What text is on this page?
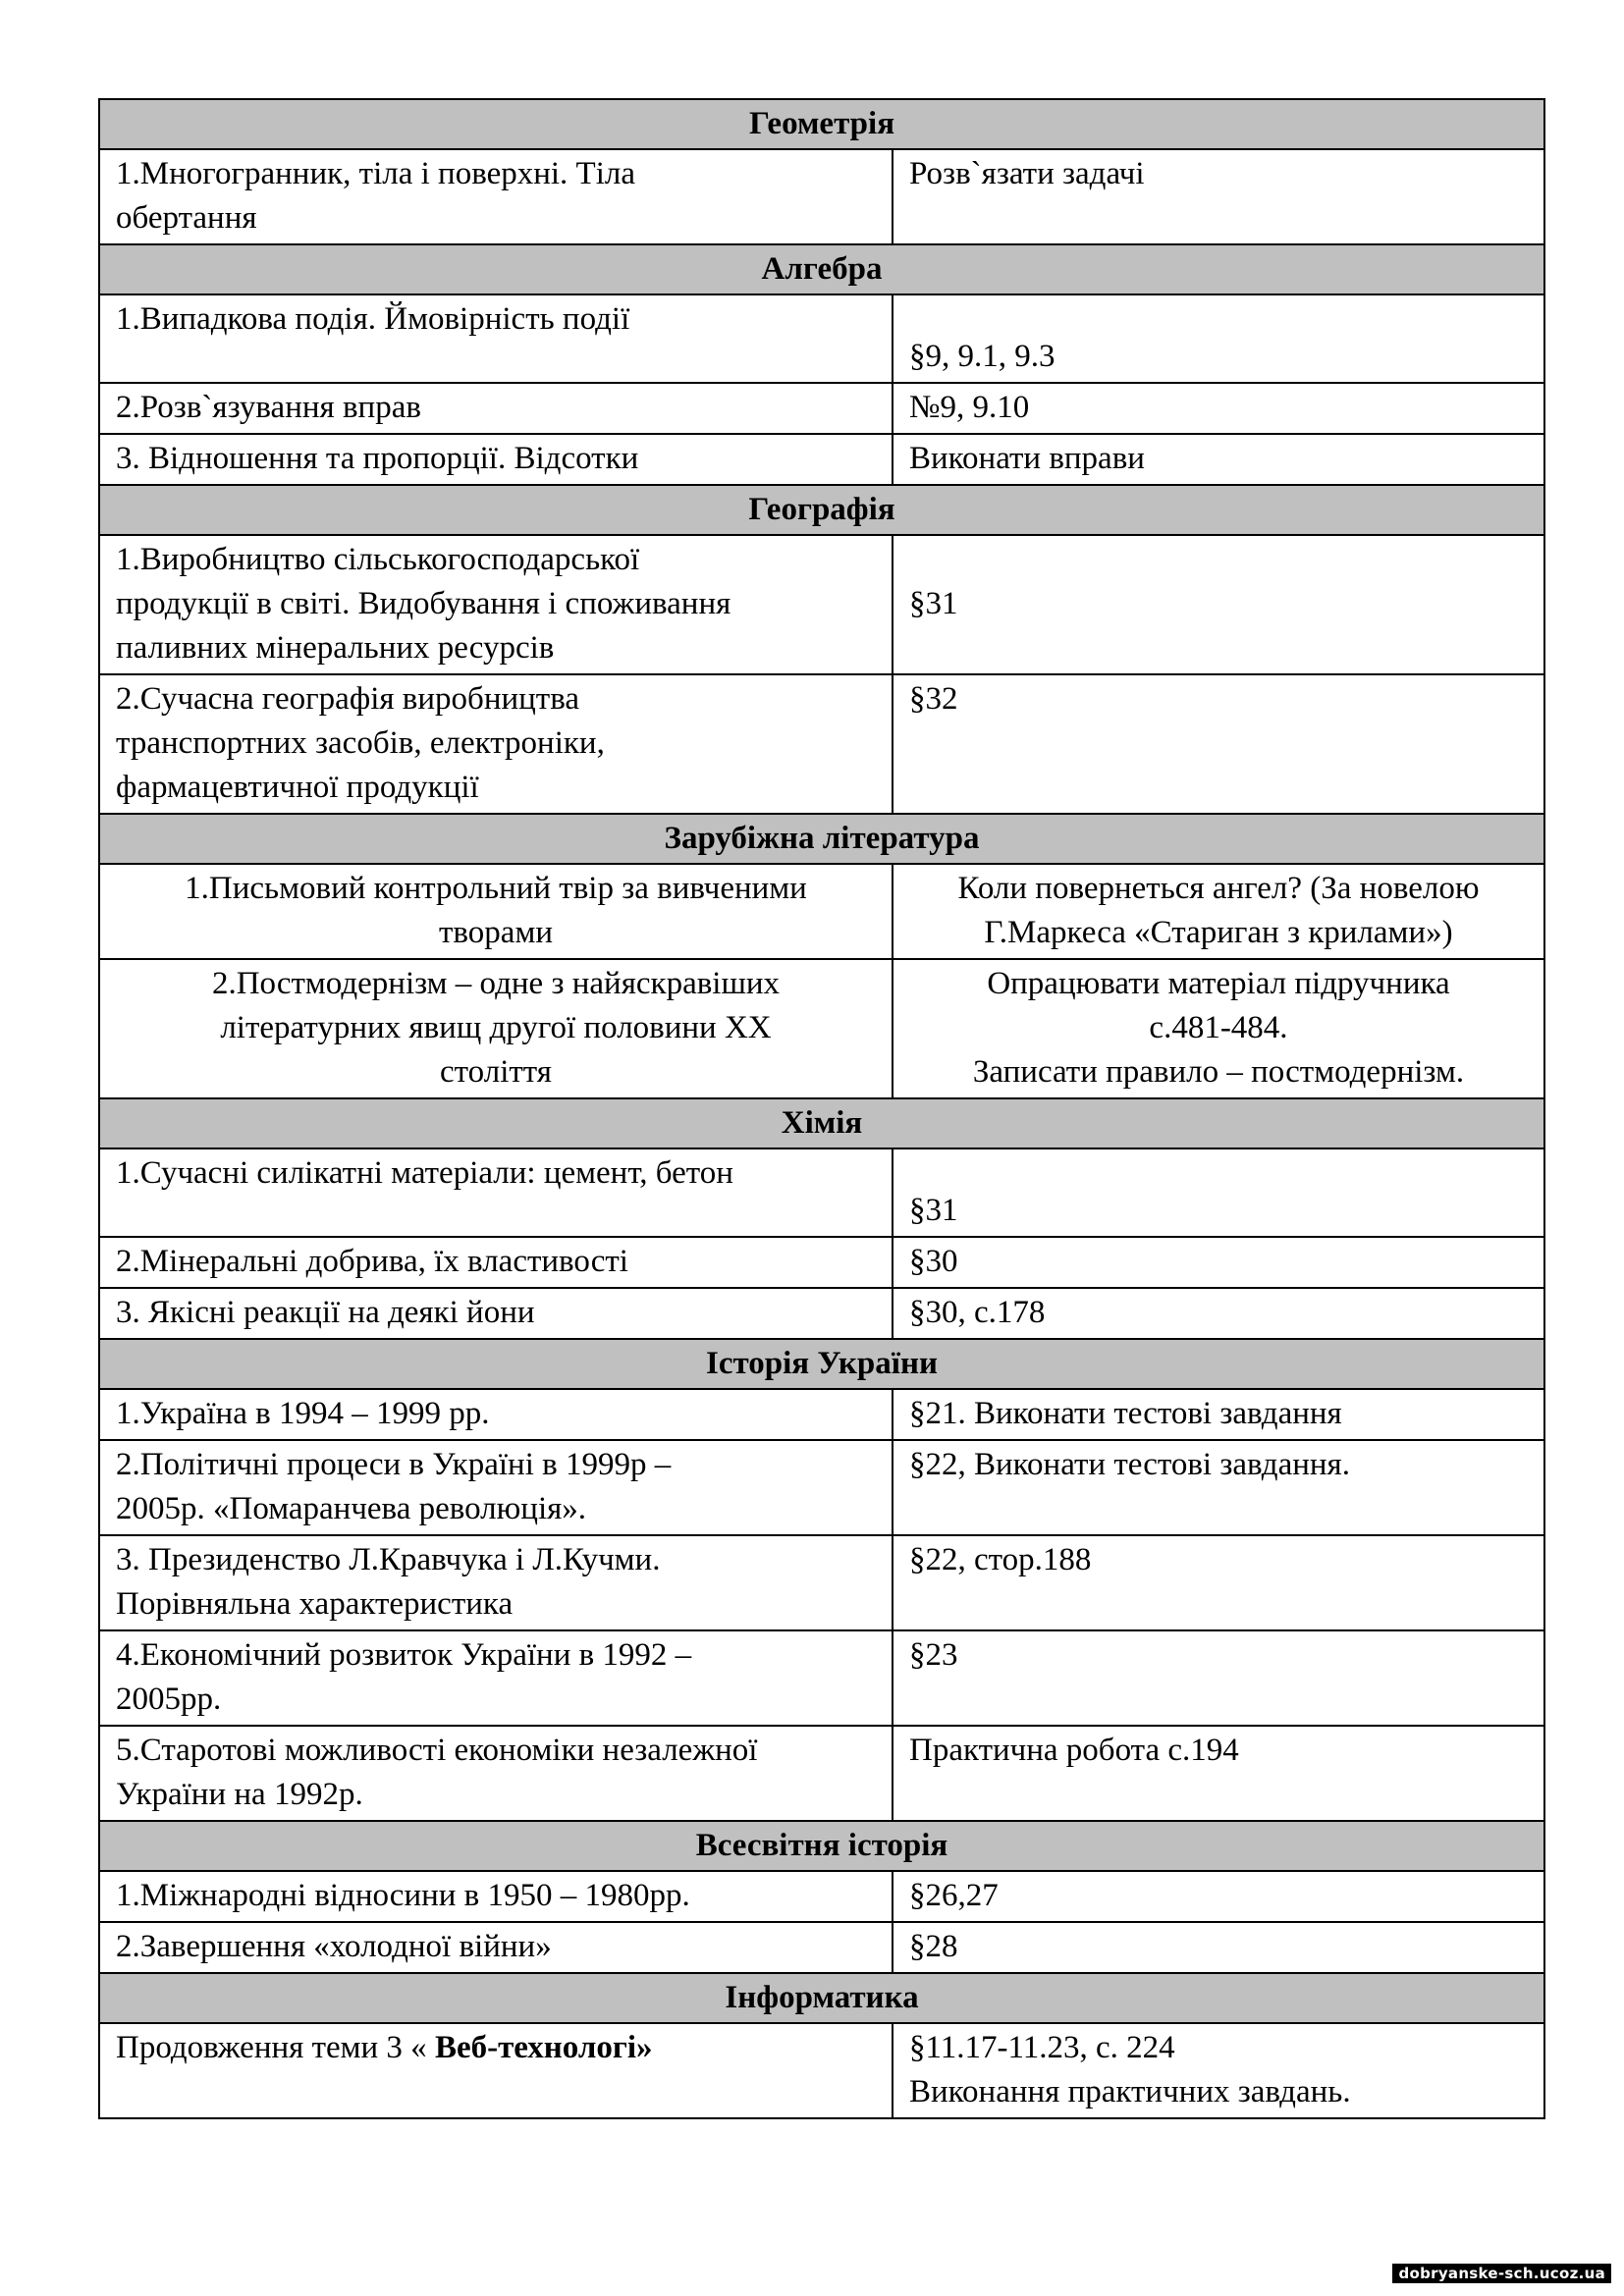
Геометрія	

1.Многогранник, тіла і поверхні. Тіла
обертання	Розв`язати задачі

Алгебра	

1.Випадкова подія. Ймовірність події	§9, 9.1, 9.3

2.Розв`язування вправ	№9, 9.10

3. Відношення та пропорції. Відсотки	Виконати вправи

Географія	

1.Виробництво сільськогосподарської
продукції в світі. Видобування і споживання
паливних мінеральних ресурсів	§31

2.Сучасна географія виробництва
транспортних засобів, електроніки,
фармацевтичної продукції	§32

Зарубіжна література	

1.Письмовий контрольний твір за вивченими
творами	Коли повернеться ангел? (За новелою
Г.Маркеса «Стариган з крилами»)

2.Постмодернізм – одне з найяскравіших
літературних явищ другої половини ХХ
століття	Опрацювати матеріал підручника
с.481-484.
Записати правило – постмодернізм.

Хімія	

1.Сучасні силікатні матеріали: цемент, бетон	§31

2.Мінеральні добрива, їх властивості	§30

3. Якісні реакції на деякі йони	§30, с.178

Історія України	

1.Україна в 1994 – 1999 рр.	§21. Виконати тестові завдання

2.Політичні процеси в Україні в 1999р –
2005р. «Помаранчева революція».	§22, Виконати тестові завдання.

3. Президенство Л.Кравчука і Л.Кучми.
Порівняльна характеристика	§22, стор.188

4.Економічний розвиток України в 1992 –
2005рр.	§23

5.Старотові можливості економіки незалежної
України на 1992р.	Практична робота с.194

Всесвітня історія	

1.Міжнародні відносини в 1950 – 1980рр.	§26,27

2.Завершення «холодної війни»	§28

Інформатика	
Продовження теми 3 « Веб-технологі»	§11.17-11.23, с. 224
Виконання практичних завдань.
dobryanske-sch.ucoz.ua
